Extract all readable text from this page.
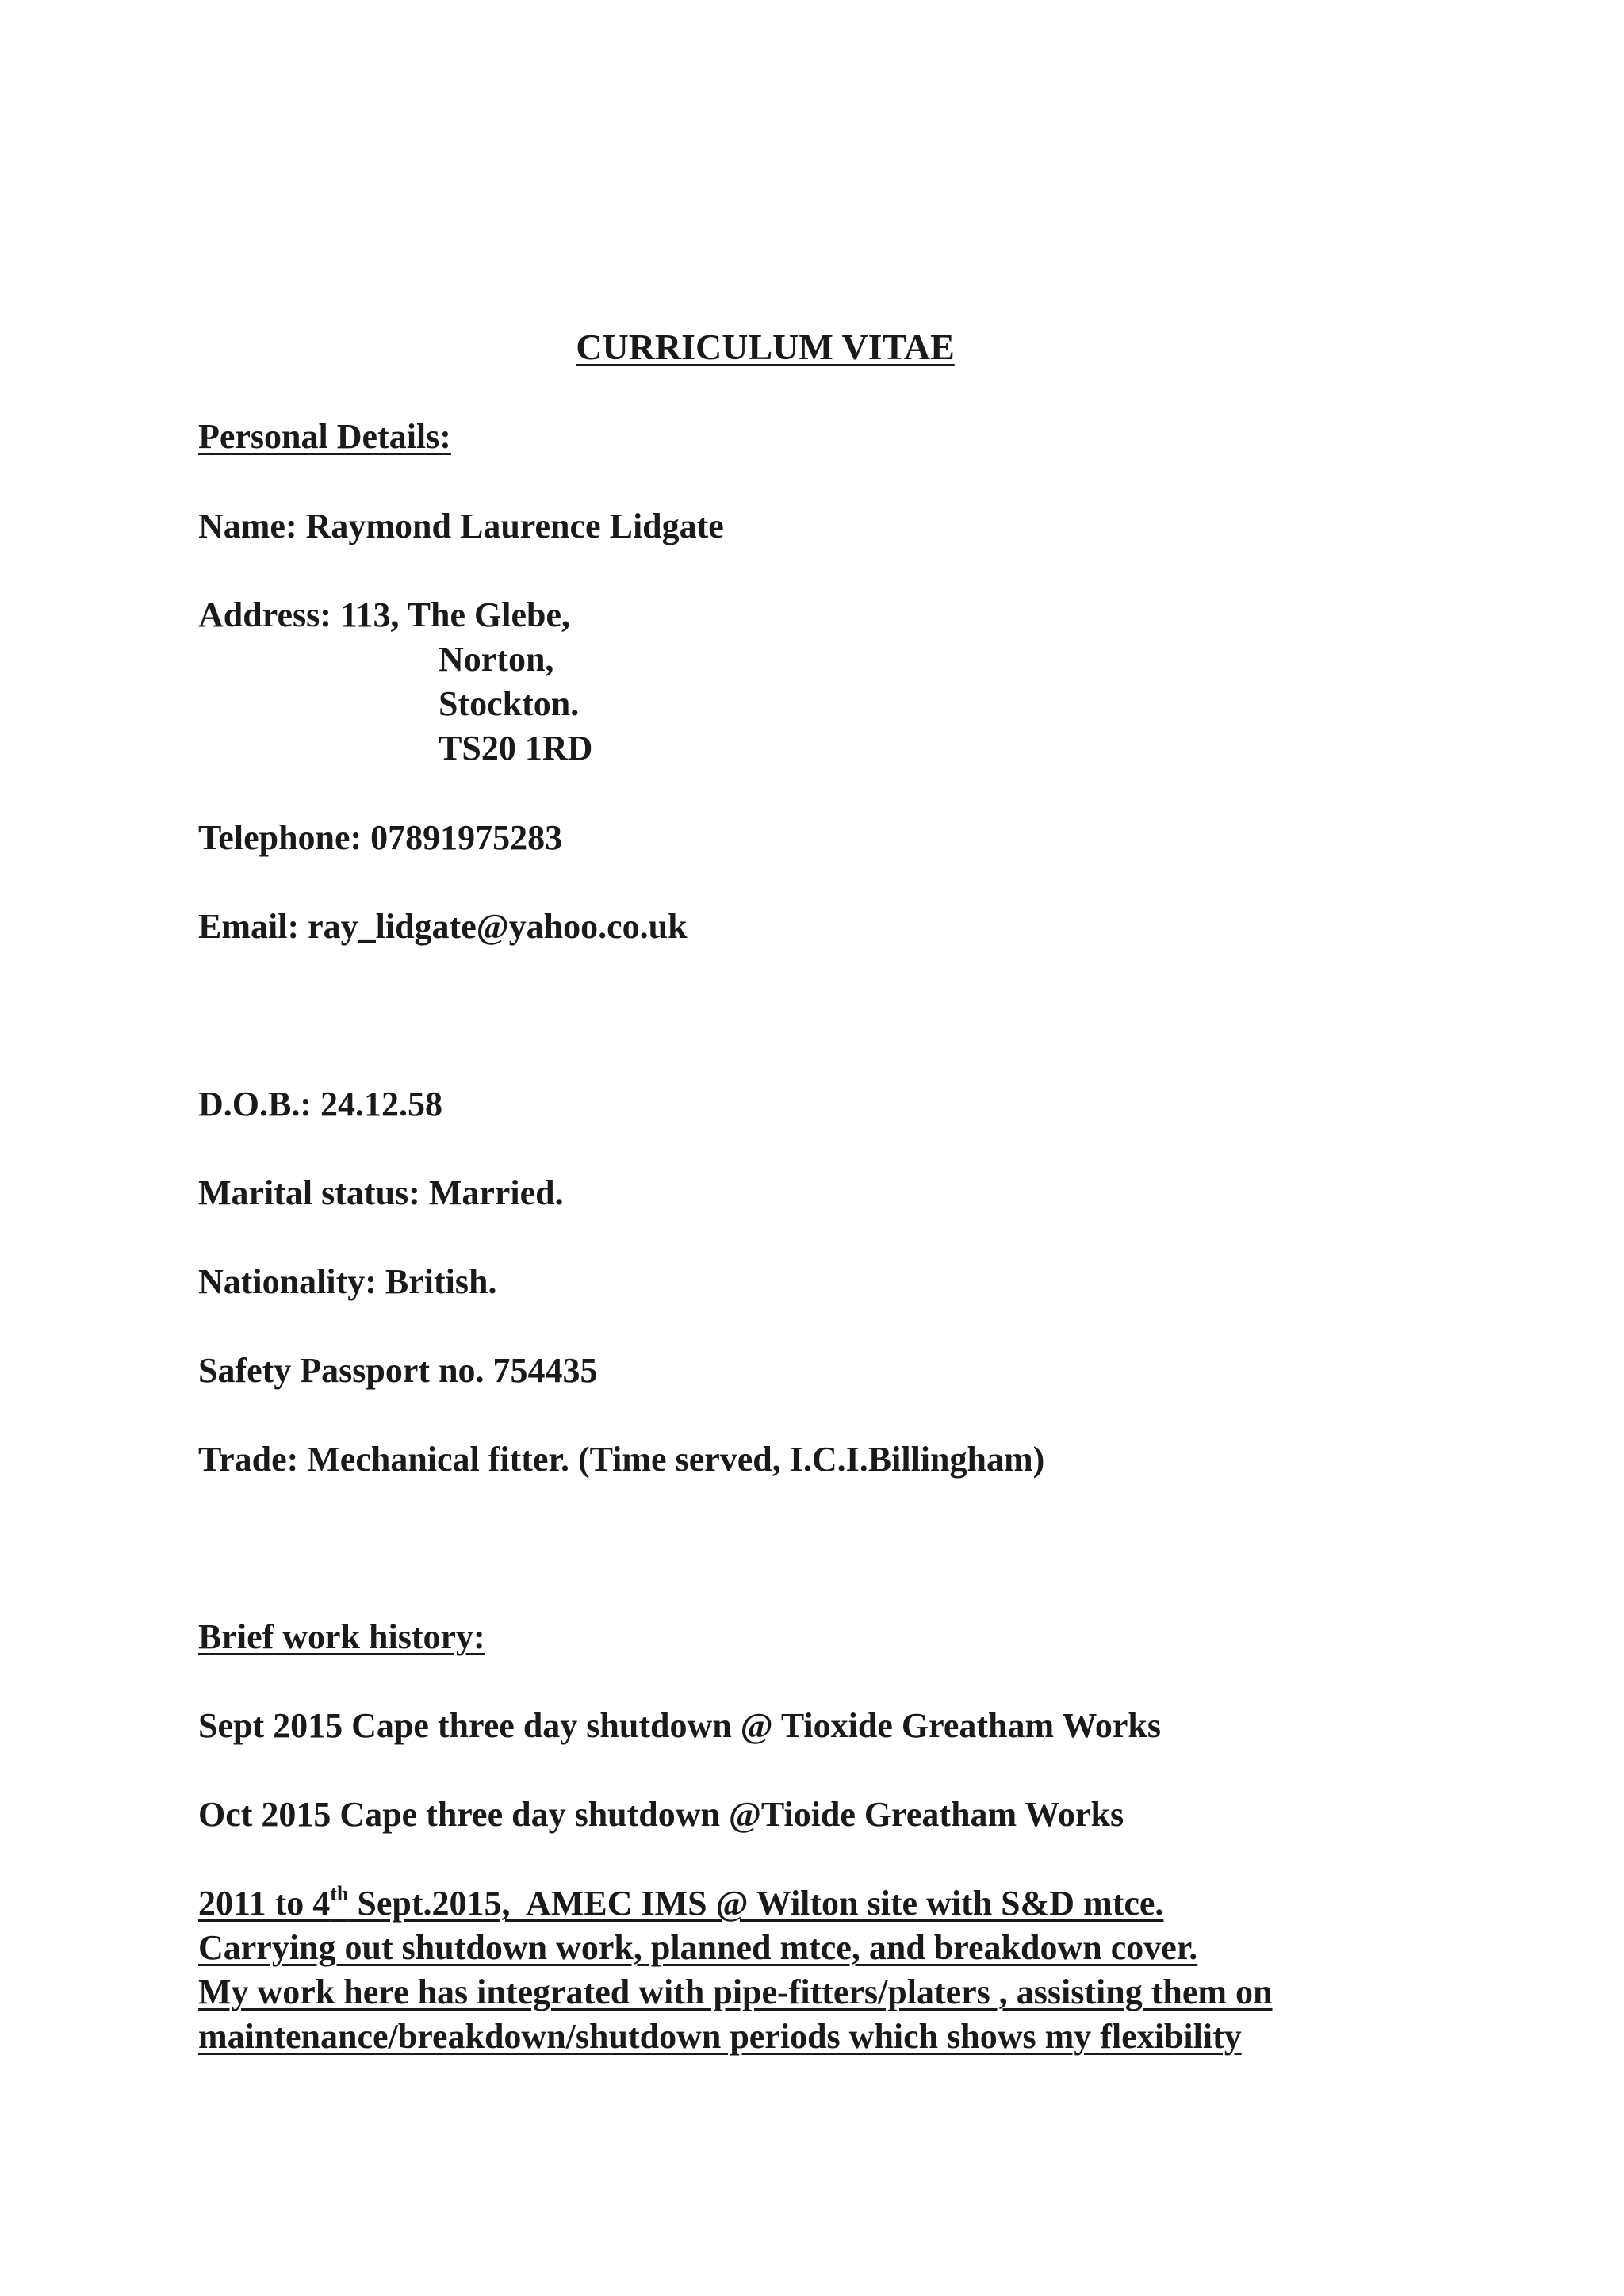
CURRICULUM VITAE
Personal Details:
Name: Raymond Laurence Lidgate
Address: 113, The Glebe,
Norton,
Stockton.
TS20 1RD
Telephone: 07891975283
Email: ray_lidgate@yahoo.co.uk
D.O.B.: 24.12.58
Marital status: Married.
Nationality: British.
Safety Passport no. 754435
Trade: Mechanical fitter. (Time served, I.C.I.Billingham)
Brief work history:
Sept 2015 Cape three day shutdown @ Tioxide Greatham Works
Oct 2015 Cape three day shutdown @Tioide Greatham Works
2011 to 4th Sept.2015,  AMEC IMS @ Wilton site with S&D mtce.
Carrying out shutdown work, planned mtce, and breakdown cover.
My work here has integrated with pipe-fitters/platers , assisting them on
maintenance/breakdown/shutdown periods which shows my flexibility
